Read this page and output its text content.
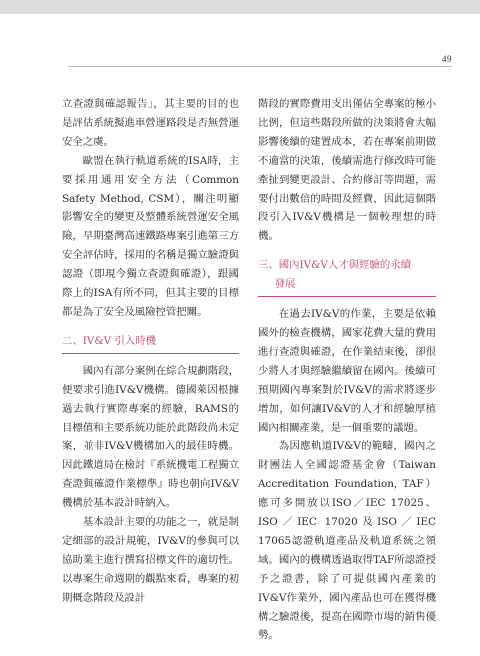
49

立查證與確認報告」，其主要的目的也是評估系統擬進車營運路段是否無營運安全之虞。

歐盟在執行軌道系統的ISA時，主要採用通用安全方法（Common Safety Method, CSM），關注明顯影響安全的變更及整體系統營運安全風險，早期臺灣高速鐵路專案引進第三方安全評估時，採用的名稱是獨立驗證與認證（即現今獨立查證與確證），跟國際上的ISA有所不同，但其主要的目標都是為了安全及風險控管把關。

二、IV&V 引入時機

國內有部分案例在綜合規劃階段，便要求引進IV&V機構。德國萊因根據過去執行實際專案的經驗，RAMS的目標值和主要系統功能於此階段尚未定案，並非IV&V機構加入的最佳時機。因此鐵道局在檢討『系統機電工程獨立查證與確證作業標準』時也朝向IV&V機構於基本設計時納入。

基本設計主要的功能之一，就是制定細部的設計規範，IV&V的參與可以協助業主進行撰寫招標文件的適切性。以專案生命週期的觀點來看，專案的初期概念階段及設計

階段的實際費用支出僅佔全專案的極小比例，但這些階段所做的決策將會大幅影響後續的建置成本，若在專案前期做不適當的決策，後續需進行修改時可能牽扯到變更設計、合約修訂等問題，需要付出數倍的時間及經費，因此這個階段引入IV&V機構是一個較理想的時機。

三、國內IV&V人才與經驗的永續
發展

在過去IV&V的作業，主要是依賴國外的檢查機構，國家花費大量的費用進行查證與確證，在作業結束後，卻很少將人才與經驗繼續留在國內。後續可預期國內專案對於IV&V的需求將逐步增加，如何讓IV&V的人才和經驗厚植國內相關產業，是一個重要的議題。

為因應軌道IV&V的範疇，國內之財團法人全國認證基金會（Taiwan Accreditation Foundation, TAF）應可多開放以ISO／IEC 17025、ISO／IEC 17020及ISO／IEC 17065認證軌道產品及軌道系統之領域。國內的機構透過取得TAF所認證授予之證書，除了可提供國內產業的IV&V作業外，國內產品也可在獲得機構之驗證後，提高在國際市場的銷售優勢。
